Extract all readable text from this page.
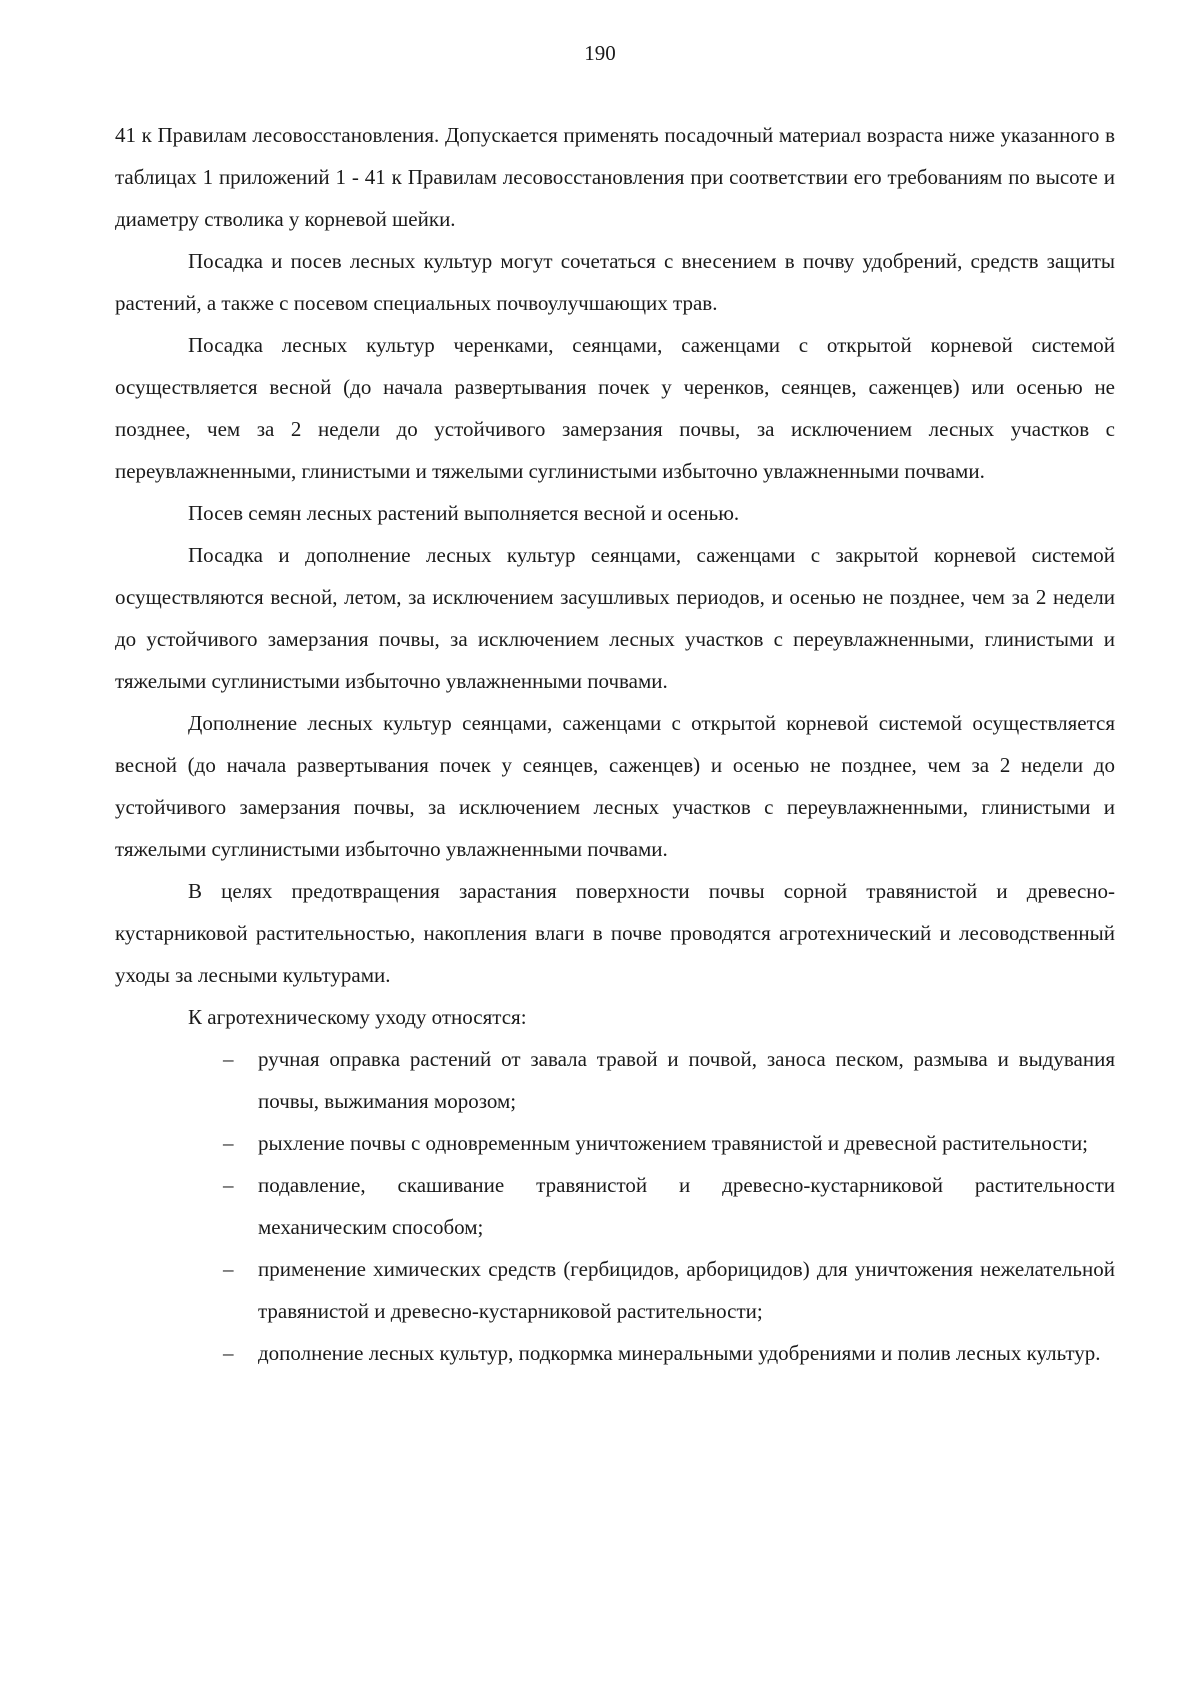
190

41 к Правилам лесовосстановления. Допускается применять посадочный материал возраста ниже указанного в таблицах 1 приложений 1 - 41 к Правилам лесовосстановления при соответствии его требованиям по высоте и диаметру стволика у корневой шейки.

Посадка и посев лесных культур могут сочетаться с внесением в почву удобрений, средств защиты растений, а также с посевом специальных почвоулучшающих трав.

Посадка лесных культур черенками, сеянцами, саженцами с открытой корневой системой осуществляется весной (до начала развертывания почек у черенков, сеянцев, саженцев) или осенью не позднее, чем за 2 недели до устойчивого замерзания почвы, за исключением лесных участков с переувлажненными, глинистыми и тяжелыми суглинистыми избыточно увлажненными почвами.

Посев семян лесных растений выполняется весной и осенью.

Посадка и дополнение лесных культур сеянцами, саженцами с закрытой корневой системой осуществляются весной, летом, за исключением засушливых периодов, и осенью не позднее, чем за 2 недели до устойчивого замерзания почвы, за исключением лесных участков с переувлажненными, глинистыми и тяжелыми суглинистыми избыточно увлажненными почвами.

Дополнение лесных культур сеянцами, саженцами с открытой корневой системой осуществляется весной (до начала развертывания почек у сеянцев, саженцев) и осенью не позднее, чем за 2 недели до устойчивого замерзания почвы, за исключением лесных участков с переувлажненными, глинистыми и тяжелыми суглинистыми избыточно увлажненными почвами.

В целях предотвращения зарастания поверхности почвы сорной травянистой и древесно-кустарниковой растительностью, накопления влаги в почве проводятся агротехнический и лесоводственный уходы за лесными культурами.

К агротехническому уходу относятся:

– ручная оправка растений от завала травой и почвой, заноса песком, размыва и выдувания почвы, выжимания морозом;
– рыхление почвы с одновременным уничтожением травянистой и древесной растительности;
– подавление, скашивание травянистой и древесно-кустарниковой растительности механическим способом;
– применение химических средств (гербицидов, арборицидов) для уничтожения нежелательной травянистой и древесно-кустарниковой растительности;
– дополнение лесных культур, подкормка минеральными удобрениями и полив лесных культур.
